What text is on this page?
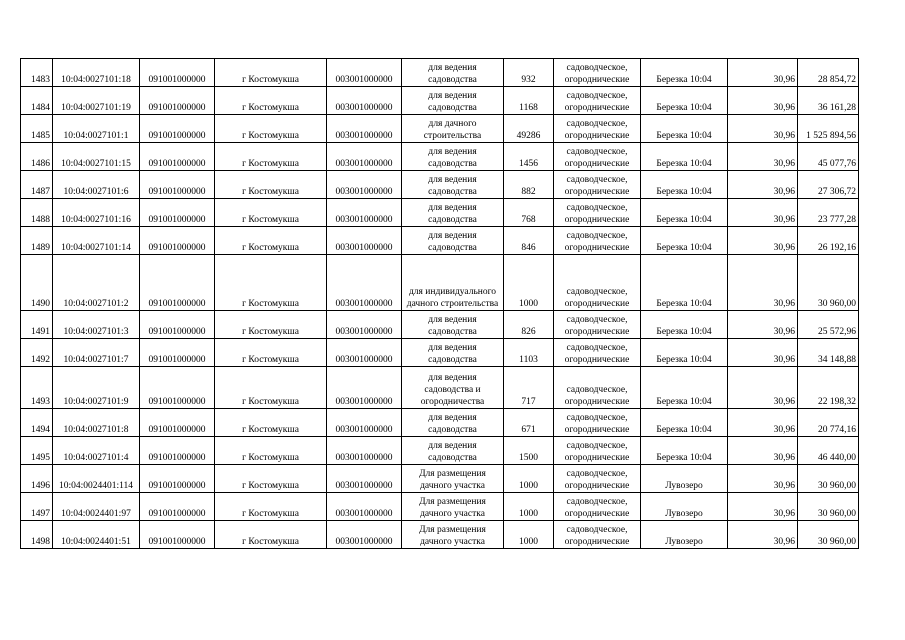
1483	10:04:0027101:18	091001000000	г Костомукша	003001000000	для ведения садоводства	932	садоводческое, огороднические	Березка 10:04	30,96	28 854,72
1484	10:04:0027101:19	091001000000	г Костомукша	003001000000	для ведения садоводства	1168	садоводческое, огороднические	Березка 10:04	30,96	36 161,28
1485	10:04:0027101:1	091001000000	г Костомукша	003001000000	для дачного строительства	49286	садоводческое, огороднические	Березка 10:04	30,96	1 525 894,56
1486	10:04:0027101:15	091001000000	г Костомукша	003001000000	для ведения садоводства	1456	садоводческое, огороднические	Березка 10:04	30,96	45 077,76
1487	10:04:0027101:6	091001000000	г Костомукша	003001000000	для ведения садоводства	882	садоводческое, огороднические	Березка 10:04	30,96	27 306,72
1488	10:04:0027101:16	091001000000	г Костомукша	003001000000	для ведения садоводства	768	садоводческое, огороднические	Березка 10:04	30,96	23 777,28
1489	10:04:0027101:14	091001000000	г Костомукша	003001000000	для ведения садоводства	846	садоводческое, огороднические	Березка 10:04	30,96	26 192,16
1490	10:04:0027101:2	091001000000	г Костомукша	003001000000	для индивидуального дачного строительства	1000	садоводческое, огороднические	Березка 10:04	30,96	30 960,00
1491	10:04:0027101:3	091001000000	г Костомукша	003001000000	для ведения садоводства	826	садоводческое, огороднические	Березка 10:04	30,96	25 572,96
1492	10:04:0027101:7	091001000000	г Костомукша	003001000000	для ведения садоводства	1103	садоводческое, огороднические	Березка 10:04	30,96	34 148,88
1493	10:04:0027101:9	091001000000	г Костомукша	003001000000	для ведения садоводства и огородничества	717	садоводческое, огороднические	Березка 10:04	30,96	22 198,32
1494	10:04:0027101:8	091001000000	г Костомукша	003001000000	для ведения садоводства	671	садоводческое, огороднические	Березка 10:04	30,96	20 774,16
1495	10:04:0027101:4	091001000000	г Костомукша	003001000000	для ведения садоводства	1500	садоводческое, огороднические	Березка 10:04	30,96	46 440,00
1496	10:04:0024401:114	091001000000	г Костомукша	003001000000	Для размещения дачного участка	1000	садоводческое, огороднические	Лувозеро	30,96	30 960,00
1497	10:04:0024401:97	091001000000	г Костомукша	003001000000	Для размещения дачного участка	1000	садоводческое, огороднические	Лувозеро	30,96	30 960,00
1498	10:04:0024401:51	091001000000	г Костомукша	003001000000	Для размещения дачного участка	1000	садоводческое, огороднические	Лувозеро	30,96	30 960,00
